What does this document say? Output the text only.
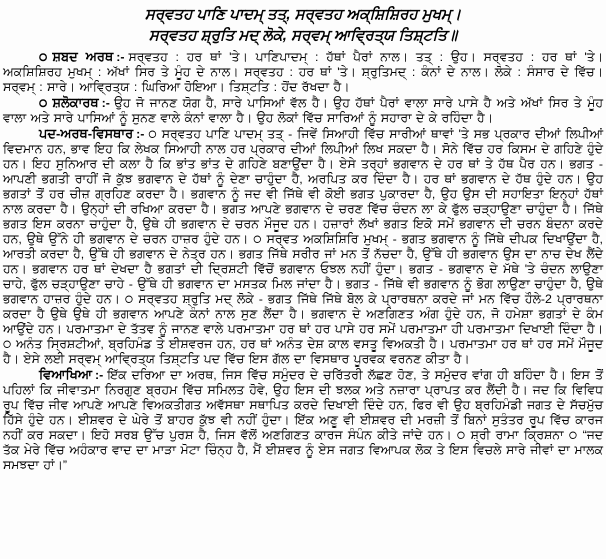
ਸਰ੍ਵਤਹ ਪਾਣਿ ਪਾਦਮ੍ ਤਤ੍, ਸਰ੍ਵਤਹ ਅਕ੍ਸ਼ਿਸ਼ਿਰਹ ਮੁਖਮ੍।
ਸਰ੍ਵਤਹ ਸ਼੍ਰੁਤਿ ਮਦ੍ ਲੋਕੇ, ਸਰ੍ਵਮ੍ ਆਵ੍ਰਿਤ੍ਯ ਤਿਸ਼੍ਟਤਿ॥

੦ ਸ਼ਬਦ ਅਰਥ :- ਸਰ੍ਵਤਹ : ਹਰ ਥਾਂ 'ਤੇ। ਪਾਣਿਪਾਦਮ੍ : ਹੱਥਾਂ ਪੈਰਾਂ ਨਾਲ। ਤਤ੍ : ਉਹ। ਸਰ੍ਵਤਹ : ਹਰ ਥਾਂ 'ਤੇ। ਅਕਸ਼ਿਸ਼ਿਰਹ ਮੁਖਮ੍ : ਅੱਖਾਂ ਸਿਰ ਤੇ ਮੂੰਹ ਦੇ ਨਾਲ। ਸਰ੍ਵਤਹ : ਹਰ ਥਾਂ 'ਤੇ। ਸ਼੍ਰੁਤਿਮਦ੍ : ਕੰਨਾਂ ਦੇ ਨਾਲ। ਲੋਕੇ : ਸੰਸਾਰ ਦੇ ਵਿੱਚ। ਸਰ੍ਵਮ੍ : ਸਾਰੇ। ਆਵ੍ਰਿਤ੍ਯ : ਘਿਰਿਆ ਹੋਇਆ। ਤਿਸ਼੍ਟਤਿ : ਹੋਂਦ ਰੱਖਦਾ ਹੈ।

੦ ਸ਼ਲੋਕਾਰਥ :- ਉਹ ਜੋ ਜਾਨਣ ਯੋਗ ਹੈ, ਸਾਰੇ ਪਾਸਿਆਂ ਵੱਲ ਹੈ। ਉਹ ਹੱਥਾਂ ਪੈਰਾਂ ਵਾਲਾ ਸਾਰੇ ਪਾਸੇ ਹੈ ਅਤੇ ਅੱਖਾਂ ਸਿਰ ਤੇ ਮੂੰਹ ਵਾਲਾ ਅਤੇ ਸਾਰੇ ਪਾਸਿਆਂ ਨੂੰ ਸੁਨਣ ਵਾਲੇ ਕੰਨਾਂ ਵਾਲਾ ਹੈ। ਉਹ ਲੋਕਾਂ ਵਿੱਚ ਸਾਰਿਆਂ ਨੂੰ ਸਹਾਰਾ ਦੇ ਕੇ ਰਹਿੰਦਾ ਹੈ।

ਪਦ-ਅਰਥ-ਵਿਸਥਾਰ :- ੦ ਸਰ੍ਵਤਹ ਪਾਣਿ ਪਾਦਮ੍ ਤਤ੍ - ਜਿਵੇਂ ਸਿਆਹੀ ਵਿੱਚ ਸਾਰੀਆਂ ਥਾਵਾਂ 'ਤੇ ਸਭ ਪ੍ਰਕਾਰ ਦੀਆਂ ਲਿਪੀਆਂ ਵਿਦਮਾਨ ਹਨ, ਭਾਵ ਇਹ ਕਿ ਲੇਖਕ ਸਿਆਹੀ ਨਾਲ ਹਰ ਪ੍ਰਕਾਰ ਦੀਆਂ ਲਿਪੀਆਂ ਲਿਖ ਸਕਦਾ ਹੈ। ਸੋਨੇ ਵਿੱਚ ਹਰ ਕਿਸਮ ਦੇ ਗਹਿਣੇ ਹੁੰਦੇ ਹਨ। ਇਹ ਸੁਨਿਆਰ ਦੀ ਕਲਾ ਹੈ ਕਿ ਭਾਂਤ ਭਾਂਤ ਦੇ ਗਹਿਣੇ ਬਣਾਉਂਦਾ ਹੈ। ਏਸੇ ਤਰ੍ਹਾਂ ਭਗਵਾਨ ਦੇ ਹਰ ਥਾਂ ਤੇ ਹੱਥ ਪੈਰ ਹਨ। ਭਗਤ - ਆਪਣੀ ਭਗਤੀ ਰਾਹੀਂ ਜੋ ਕੁੱਝ ਭਗਵਾਨ ਦੇ ਹੱਥਾਂ ਨੂੰ ਦੇਣਾ ਚਾਹੁੰਦਾ ਹੈ, ਅਰਪਿਤ ਕਰ ਦਿੰਦਾ ਹੈ। ਹਰ ਥਾਂ ਭਗਵਾਨ ਦੇ ਹੱਥ ਹੁੰਦੇ ਹਨ। ਉਹ ਭਗਤਾਂ ਤੋਂ ਹਰ ਚੀਜ਼ ਗ੍ਰਹਿਣ ਕਰਦਾ ਹੈ। ਭਗਵਾਨ ਨੂੰ ਜਦ ਵੀ ਜਿੱਥੇ ਵੀ ਕੋਈ ਭਗਤ ਪੁਕਾਰਦਾ ਹੈ, ਉਹ ਉਸ ਦੀ ਸਹਾਇਤਾ ਇਨ੍ਹਾਂ ਹੱਥਾਂ ਨਾਲ ਕਰਦਾ ਹੈ। ਉਨ੍ਹਾਂ ਦੀ ਰਖਿਆ ਕਰਦਾ ਹੈ। ਭਗਤ ਆਪਣੇ ਭਗਵਾਨ ਦੇ ਚਰਣ ਵਿੱਚ ਚੰਦਨ ਲਾ ਕੇ ਫੁੱਲ ਚੜ੍ਹਾਉਣਾ ਚਾਹੁੰਦਾ ਹੈ। ਜਿੱਥੇ ਭਗਤ ਇਸ ਕਰਨਾ ਚਾਹੁੰਦਾ ਹੈ, ਉਥੇ ਹੀ ਭਗਵਾਨ ਦੇ ਚਰਨ ਮੌਜੂਦ ਹਨ। ਹਜ਼ਾਰਾਂ ਲੱਖਾਂ ਭਗਤ ਇਕੋ ਸਮੇਂ ਭਗਵਾਨ ਦੀ ਚਰਨ ਬੰਦਨਾ ਕਰਦੇ ਹਨ, ਉਥੇ ਉੱਨੇ ਹੀ ਭਗਵਾਨ ਦੇ ਚਰਨ ਹਾਜ਼ਰ ਹੁੰਦੇ ਹਨ। ੦ ਸਰ੍ਵਤ ਅਕਸ਼ਿਸ਼ਿਰਿ ਮੁਖਮ੍ - ਭਗਤ ਭਗਵਾਨ ਨੂੰ ਜਿੱਥੇ ਦੀਪਕ ਦਿਖਾਉਂਦਾ ਹੈ, ਆਰਤੀ ਕਰਦਾ ਹੈ, ਉੱਥੇ ਹੀ ਭਗਵਾਨ ਦੇ ਨੇਤ੍ਰ ਹਨ। ਭਗਤ ਜਿੱਥੇ ਸਰੀਰ ਜਾਂ ਮਨ ਤੋਂ ਨੱਚਦਾ ਹੈ, ਉੱਥੇ ਹੀ ਭਗਵਾਨ ਉਸ ਦਾ ਨਾਚ ਦੇਖ ਲੈਂਦੇ ਹਨ। ਭਗਵਾਨ ਹਰ ਥਾਂ ਦੇਖਦਾ ਹੈ ਭਗਤਾਂ ਦੀ ਦ੍ਰਿਸ਼ਟੀ ਵਿੱਚੋਂ ਭਗਵਾਨ ਓਝਲ ਨਹੀਂ ਹੁੰਦਾ। ਭਗਤ - ਭਗਵਾਨ ਦੇ ਮੱਥੇ 'ਤੇ ਚੰਦਨ ਲਾਉਣਾ ਚਾਹੇ, ਫੁੱਲ ਚੜ੍ਹਾਉਣਾ ਚਾਹੇ - ਉੱਥੇ ਹੀ ਭਗਵਾਨ ਦਾ ਮਸਤਕ ਮਿਲ ਜਾਂਦਾ ਹੈ। ਭਗਤ - ਜਿੱਥੇ ਵੀ ਭਗਵਾਨ ਨੂੰ ਭੋਗ ਲਾਉਣਾ ਚਾਹੁੰਦਾ ਹੈ, ਉਥੇ ਭਗਵਾਨ ਹਾਜ਼ਰ ਹੁੰਦੇ ਹਨ। ੦ ਸਰ੍ਵਤਹ ਸ਼੍ਰੁਤਿ ਮਦ੍ ਲੋਕੇ - ਭਗਤ ਜਿੱਥੇ ਜਿੱਥੇ ਬੋਲ ਕੇ ਪ੍ਰਾਰਥਨਾ ਕਰਦੇ ਜਾਂ ਮਨ ਵਿੱਚ ਹੌਲੇ-2 ਪ੍ਰਾਰਥਨਾ ਕਰਦਾ ਹੈ ਉਥੇ ਉਥੇ ਹੀ ਭਗਵਾਨ ਆਪਣੇ ਕੰਨਾਂ ਨਾਲ ਸੁਣ ਲੈਂਦਾ ਹੈ। ਭਗਵਾਨ ਦੇ ਅਣਗਿਣਤ ਅੰਗ ਹੁੰਦੇ ਹਨ, ਜੋ ਹਮੇਸ਼ਾ ਭਗਤਾਂ ਦੇ ਕੰਮ ਆਉਂਦੇ ਹਨ। ਪਰਮਾਤਮਾ ਦੇ ਤੱਤਵ ਨੂੰ ਜਾਨਣ ਵਾਲੇ ਪਰਮਾਤਮਾ ਹਰ ਥਾਂ ਹਰ ਪਾਸੇ ਹਰ ਸਮੇਂ ਪਰਮਾਤਮਾ ਹੀ ਪਰਮਾਤਮਾ ਦਿਖਾਈ ਦਿੰਦਾ ਹੈ। ੦ ਅਨੰਤ ਸ੍ਰਿਸ਼ਟੀਆਂ, ਬ੍ਰਹਿਮੰਡ ਤੇ ਈਸ਼ਵਰਜ ਹਨ, ਹਰ ਥਾਂ ਅਨੰਤ ਦੇਸ਼ ਕਾਲ ਵਸਤੂ ਵਿਅਕਤੀ ਹੈ। ਪਰਮਾਤਮਾ ਹਰ ਥਾਂ ਹਰ ਸਮੇਂ ਮੌਜੂਦ ਹੈ। ਏਸੇ ਲਈ ਸਰ੍ਵਮ੍ ਆਵ੍ਰਿਤ੍ਯ ਤਿਸ਼੍ਟਤਿ ਪਦ ਵਿੱਚ ਇਸ ਗੱਲ ਦਾ ਵਿਸਥਾਰ ਪੂਰਵਕ ਵਰਨਣ ਕੀਤਾ ਹੈ।

ਵਿਆਖਿਆ :- ਇੱਕ ਦਰਿਆ ਦਾ ਅਰਥ, ਜਿਸ ਵਿੱਚ ਸਮੁੰਦਰ ਦੇ ਚਰਿੱਤਰੀ ਲੱਛਣ ਹੋਣ, ਤੇ ਸਮੁੰਦਰ ਵਾਂਗ ਹੀ ਬਹਿੰਦਾ ਹੈ। ਇਸ ਤੋਂ ਪਹਿਲਾਂ ਕਿ ਜੀਵਾਤਮਾ ਨਿਰਗੁਣ ਬ੍ਰਹਮ ਵਿੱਚ ਸਮਿਲਤ ਹੋਵੇ, ਉਹ ਇਸ ਦੀ ਝਲਕ ਅਤੇ ਨਜ਼ਾਰਾ ਪ੍ਰਾਪਤ ਕਰ ਲੈਂਦੀ ਹੈ। ਜਦ ਕਿ ਵਿਵਿਧ ਰੂਪ ਵਿੱਚ ਜੀਵ ਆਪਣੇ ਆਪਣੇ ਵਿਅਕਤੀਗਤ ਅਵੱਸਥਾ ਸਥਾਪਿਤ ਕਰਦੇ ਦਿਖਾਈ ਦਿੰਦੇ ਹਨ, ਫਿਰ ਵੀ ਉਹ ਬ੍ਰਹਿਮੰਡੀ ਜਗਤ ਦੇ ਸੱਚਮੁੱਚ ਹਿੱਸੇ ਹੁੰਦੇ ਹਨ। ਈਸ਼ਵਰ ਦੇ ਘੇਰੇ ਤੋਂ ਬਾਹਰ ਕੁੱਝ ਵੀ ਨਹੀਂ ਹੁੰਦਾ। ਇੱਕ ਅਣੂ ਵੀ ਈਸ਼ਵਰ ਦੀ ਮਰਜ਼ੀ ਤੋਂ ਬਿਨਾਂ ਸੁਤੰਤਰ ਰੂਪ ਵਿੱਚ ਕਾਰਜ ਨਹੀਂ ਕਰ ਸਕਦਾ। ਇਹੋ ਸਰਬ ਉੱਚ ਪੁਰਸ਼ ਹੈ, ਜਿਸ ਵੱਲੋਂ ਅਣਗਿਣਤ ਕਾਰਜ ਸੰਪੰਨ ਕੀਤੇ ਜਾਂਦੇ ਹਨ। ੦ ਸ਼੍ਰੀ ਰਾਮਾ ਕ੍ਰਿਸ਼ਨਾ ੦ “ਜਦ ਤੱਕ ਮੇਰੇ ਵਿੱਚ ਅਹੰਕਾਰ ਵਾਦ ਦਾ ਮਾੜਾ ਮੋਟਾ ਚਿੰਨ੍ਹ ਹੈ, ਮੈਂ ਈਸ਼ਵਰ ਨੂੰ ਏਸ ਜਗਤ ਵਿਆਪਕ ਲੋਕ ਤੇ ਇਸ ਵਿਚਲੇ ਸਾਰੇ ਜੀਵਾਂ ਦਾ ਮਾਲਕ ਸਮਝਦਾ ਹਾਂ।”
